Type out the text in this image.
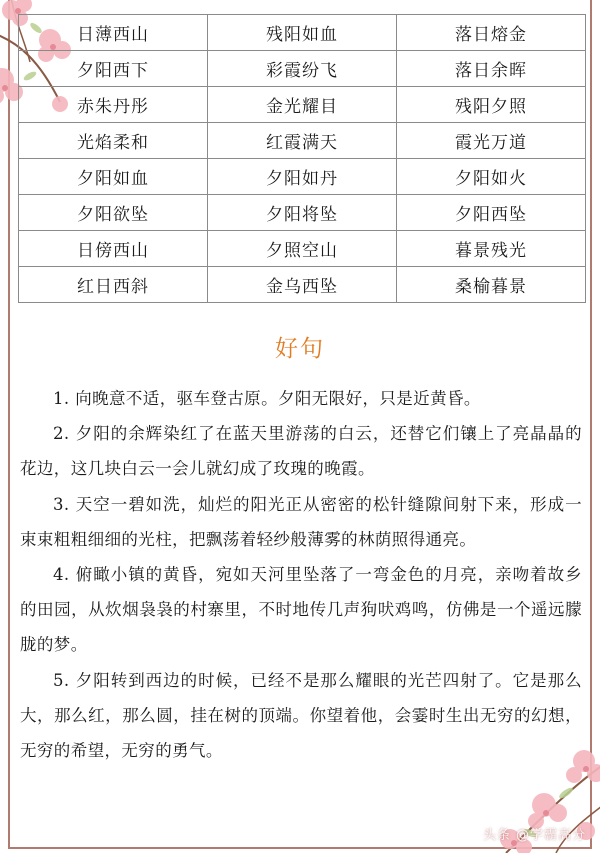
日薄西山	残阳如血	落日熔金
夕阳西下	彩霞纷飞	落日余晖
赤朱丹彤	金光耀目	残阳夕照
光焰柔和	红霞满天	霞光万道
夕阳如血	夕阳如丹	夕阳如火
夕阳欲坠	夕阳将坠	夕阳西坠
日傍西山	夕照空山	暮景残光
红日西斜	金乌西坠	桑榆暮景
好句

1. 向晚意不适，驱车登古原。夕阳无限好，只是近黄昏。

2. 夕阳的余辉染红了在蓝天里游荡的白云，还替它们镶上了亮晶晶的花边，这几块白云一会儿就幻成了玫瑰的晚霞。

3. 天空一碧如洗，灿烂的阳光正从密密的松针缝隙间射下来，形成一束束粗粗细细的光柱，把飘荡着轻纱般薄雾的林荫照得通亮。

4. 俯瞰小镇的黄昏，宛如天河里坠落了一弯金色的月亮，亲吻着故乡的田园，从炊烟袅袅的村寨里，不时地传几声狗吠鸡鸣，仿佛是一个遥远朦胧的梦。

5. 夕阳转到西边的时候，已经不是那么耀眼的光芒四射了。它是那么大，那么红，那么圆，挂在树的顶端。你望着他，会霎时生出无穷的幻想，无穷的希望，无穷的勇气。

头条 @学霸高分
